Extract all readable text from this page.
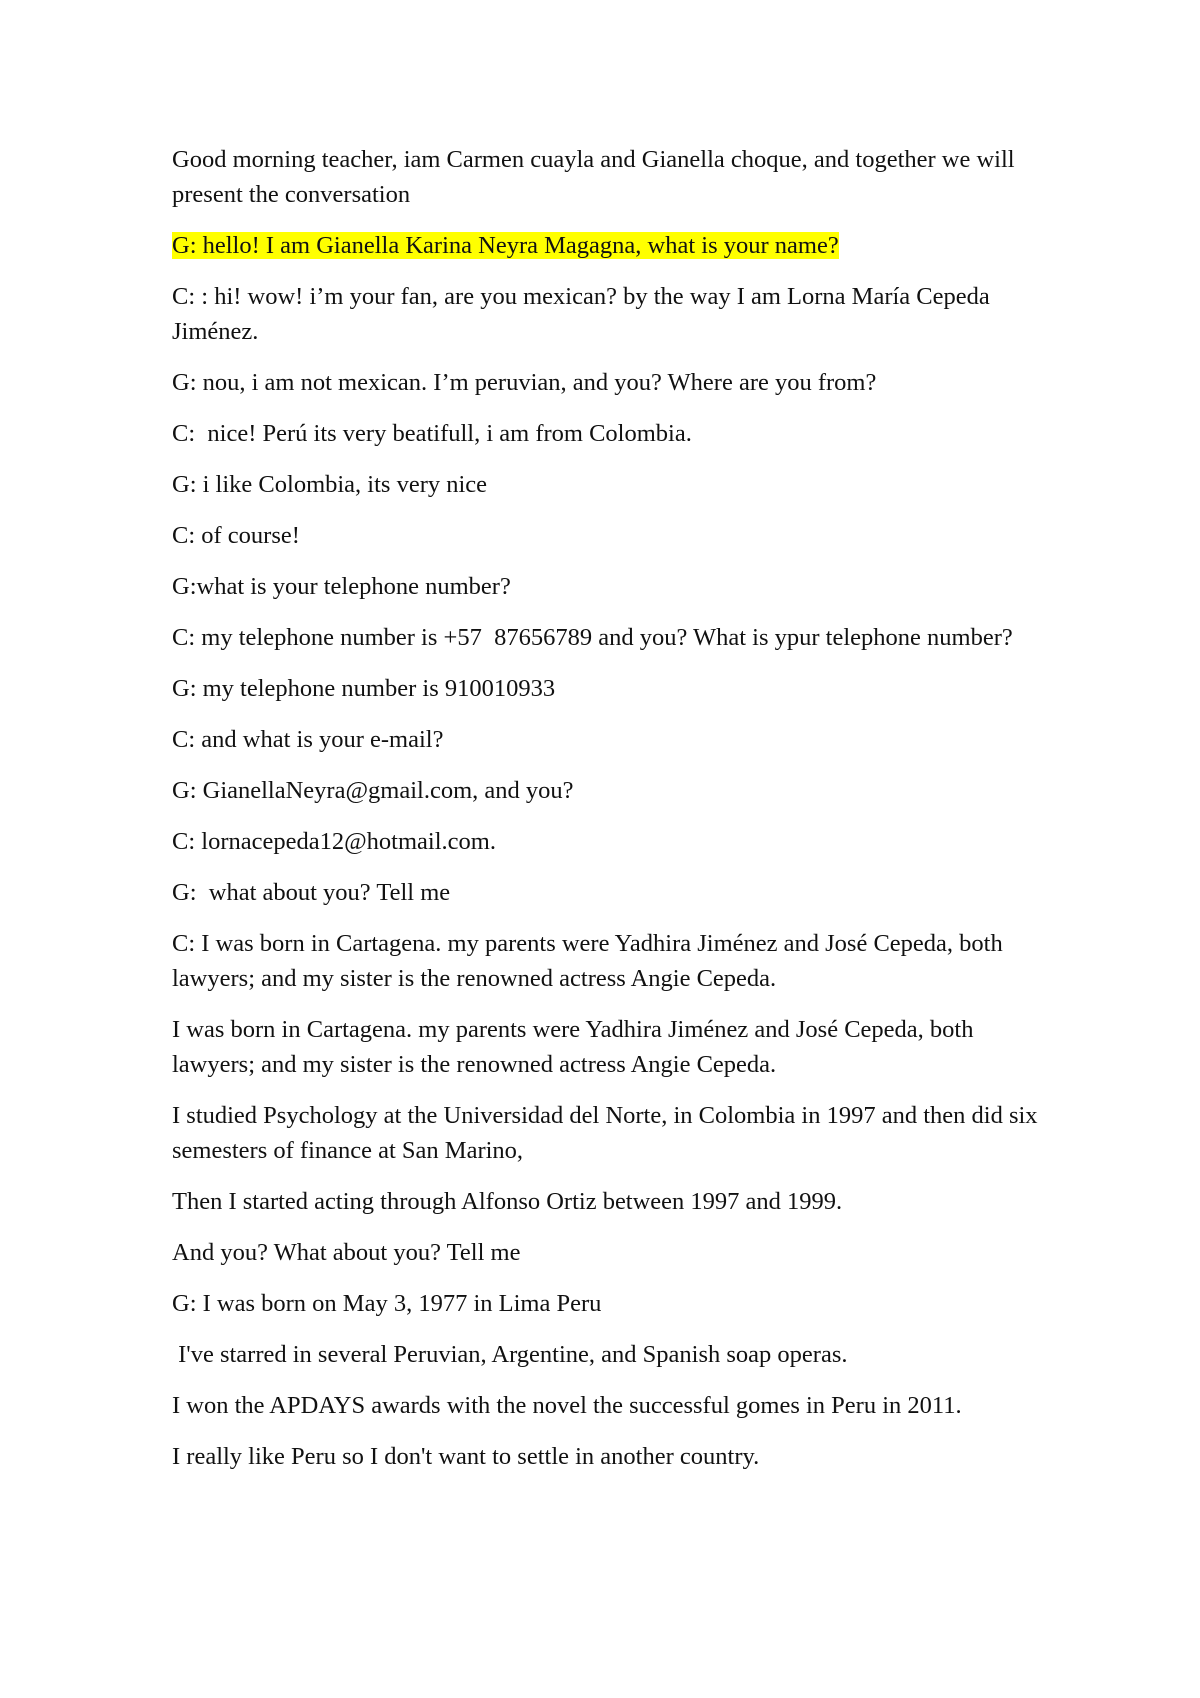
Good morning teacher, iam Carmen cuayla and Gianella choque, and together we will present the conversation

G: hello! I am Gianella Karina Neyra Magagna, what is your name?

C: : hi! wow! i’m your fan, are you mexican? by the way I am Lorna María Cepeda Jiménez.

G: nou, i am not mexican. I’m peruvian, and you? Where are you from?

C:  nice! Perú its very beatifull, i am from Colombia.

G: i like Colombia, its very nice

C: of course!

G:what is your telephone number?

C: my telephone number is +57  87656789 and you? What is ypur telephone number?

G: my telephone number is 910010933

C: and what is your e-mail?

G: GianellaNeyra@gmail.com, and you?

C: lornacepeda12@hotmail.com.

G:  what about you? Tell me

C: I was born in Cartagena. my parents were Yadhira Jiménez and José Cepeda, both lawyers; and my sister is the renowned actress Angie Cepeda.

I was born in Cartagena. my parents were Yadhira Jiménez and José Cepeda, both lawyers; and my sister is the renowned actress Angie Cepeda.

I studied Psychology at the Universidad del Norte, in Colombia in 1997 and then did six semesters of finance at San Marino,

Then I started acting through Alfonso Ortiz between 1997 and 1999.

And you? What about you? Tell me

G: I was born on May 3, 1977 in Lima Peru

I've starred in several Peruvian, Argentine, and Spanish soap operas.

I won the APDAYS awards with the novel the successful gomes in Peru in 2011.

I really like Peru so I don't want to settle in another country.
